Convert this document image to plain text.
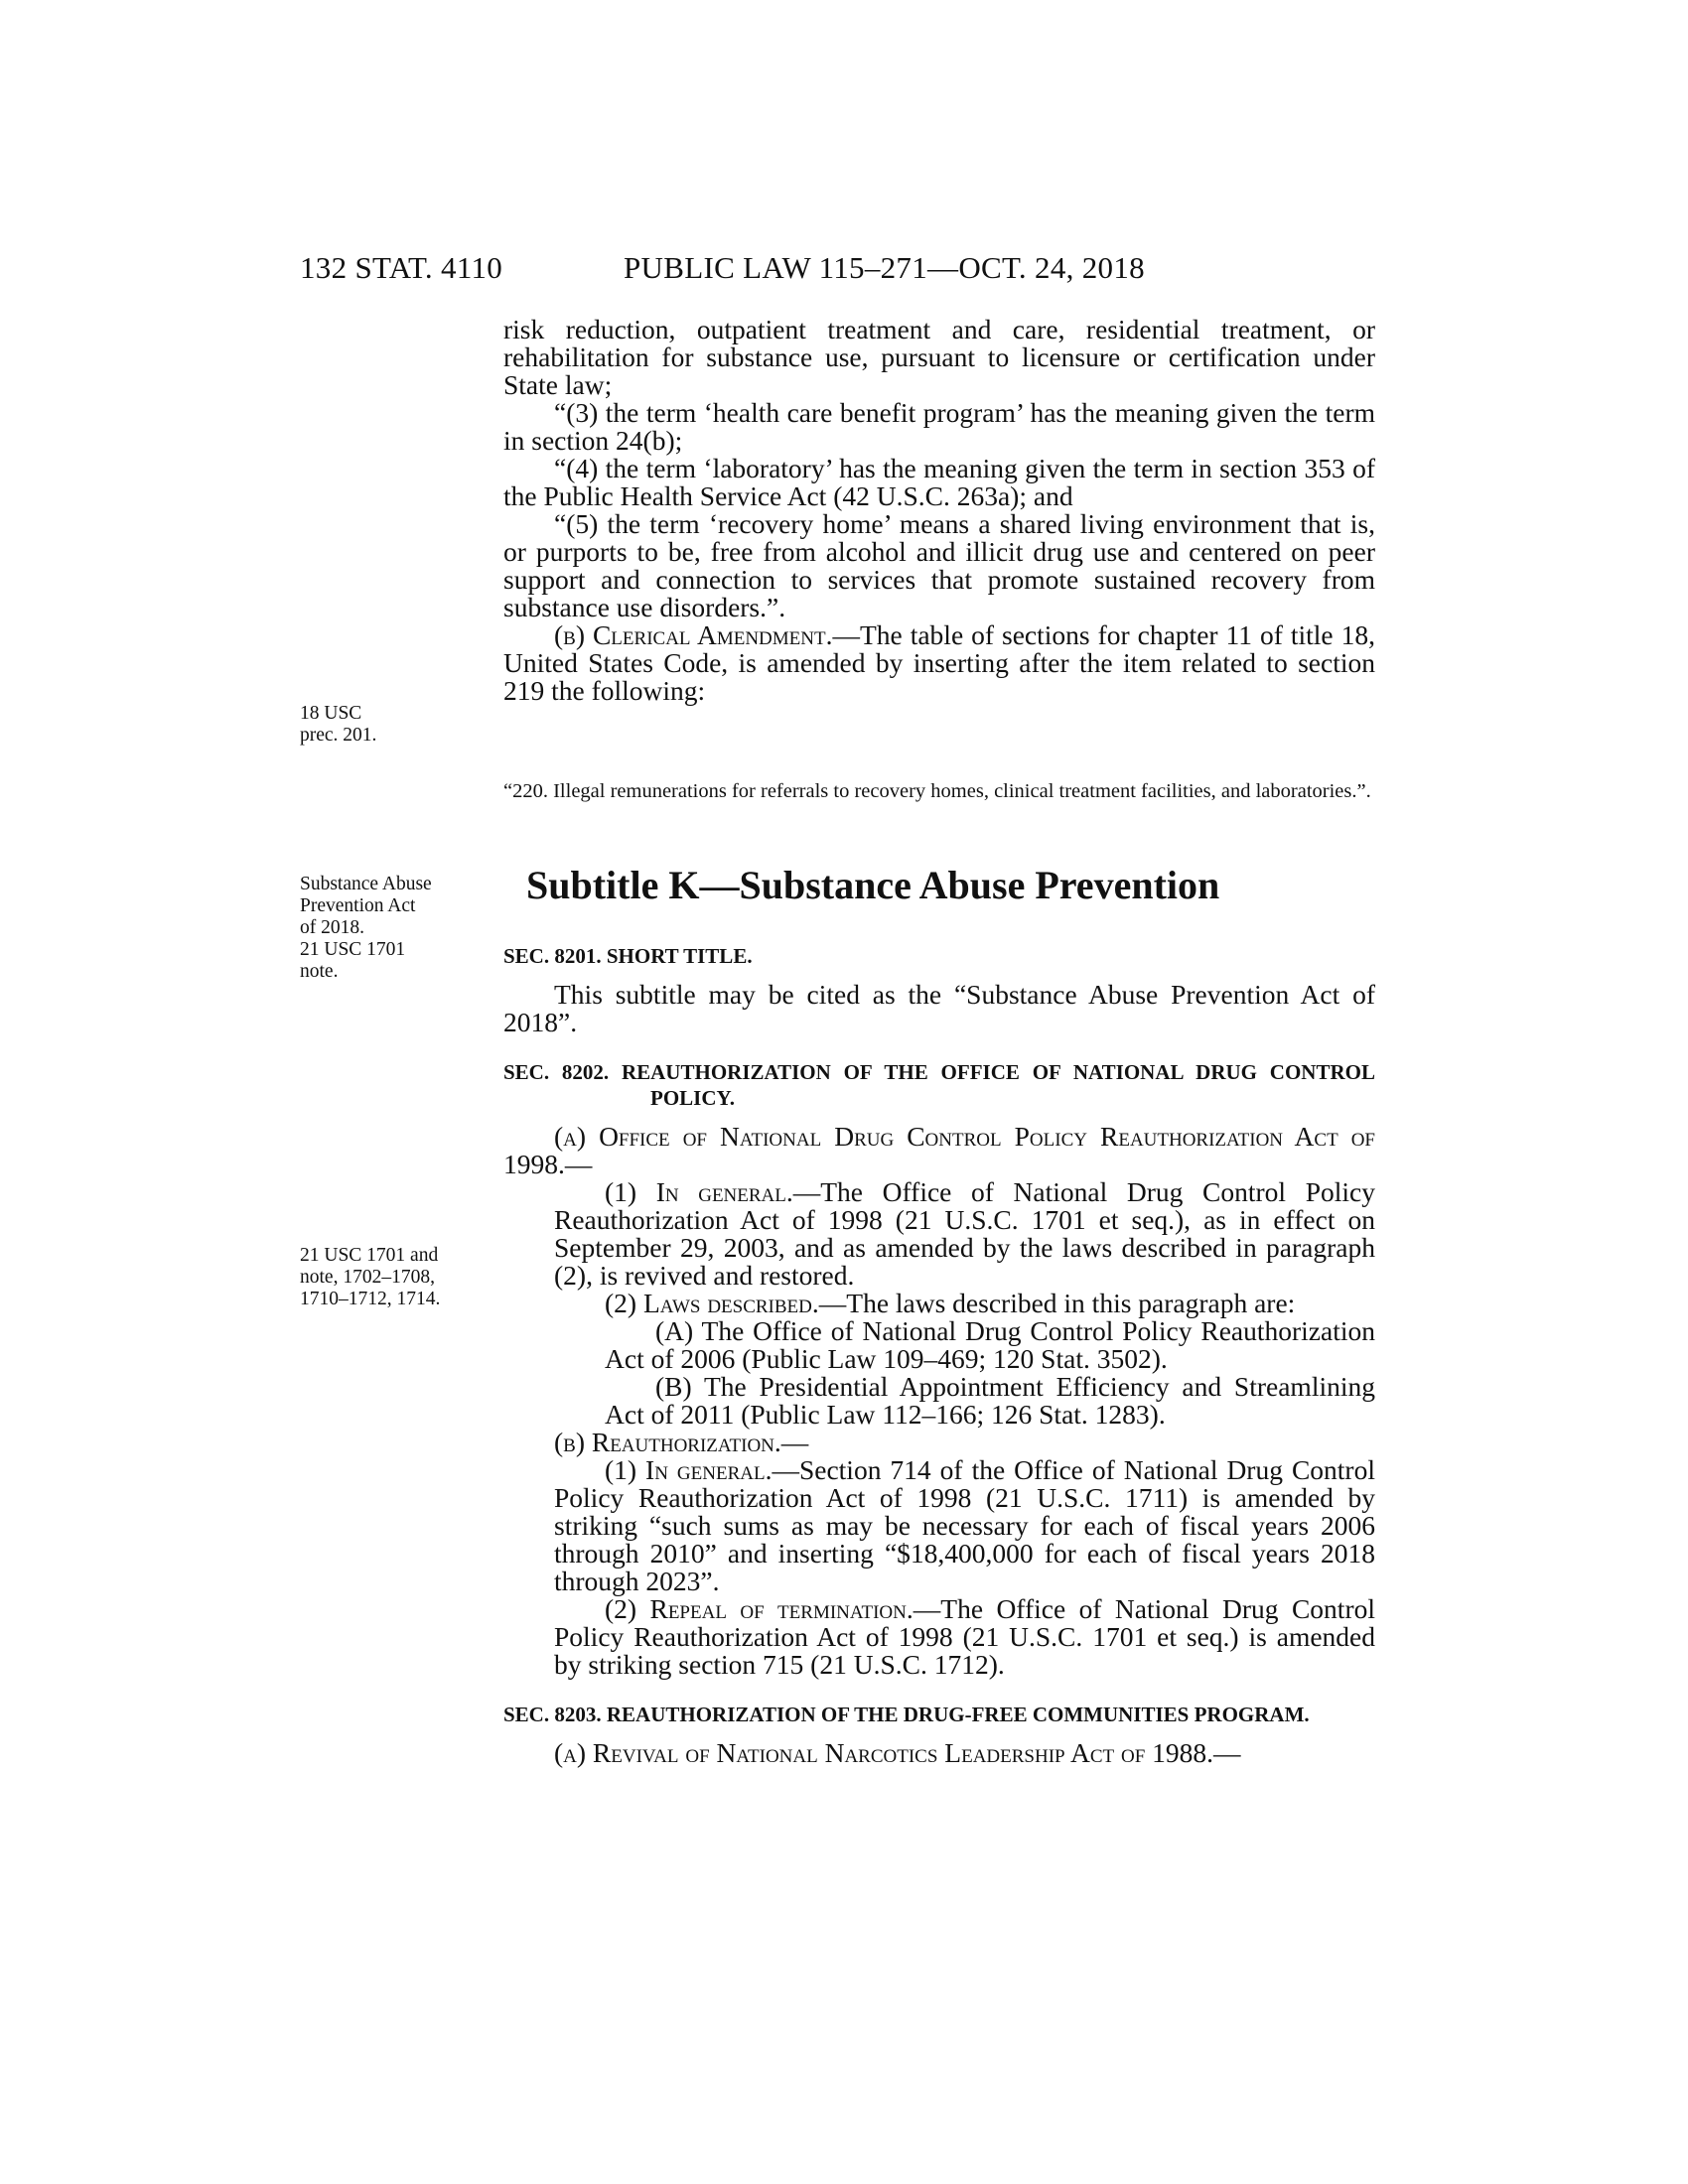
132 STAT. 4110	PUBLIC LAW 115–271—OCT. 24, 2018

risk reduction, outpatient treatment and care, residential treatment, or rehabilitation for substance use, pursuant to licensure or certification under State law;

“(3) the term ‘health care benefit program’ has the meaning given the term in section 24(b);

“(4) the term ‘laboratory’ has the meaning given the term in section 353 of the Public Health Service Act (42 U.S.C. 263a); and

“(5) the term ‘recovery home’ means a shared living environment that is, or purports to be, free from alcohol and illicit drug use and centered on peer support and connection to services that promote sustained recovery from substance use disorders.”.

(b) Clerical Amendment.—The table of sections for chapter 11 of title 18, United States Code, is amended by inserting after the item related to section 219 the following:

“220. Illegal remunerations for referrals to recovery homes, clinical treatment facilities, and laboratories.”.

Subtitle K—Substance Abuse Prevention

SEC. 8201. SHORT TITLE.

This subtitle may be cited as the “Substance Abuse Prevention Act of 2018”.

SEC. 8202. REAUTHORIZATION OF THE OFFICE OF NATIONAL DRUG CONTROL POLICY.

(a) Office of National Drug Control Policy Reauthorization Act of 1998.—

(1) In general.—The Office of National Drug Control Policy Reauthorization Act of 1998 (21 U.S.C. 1701 et seq.), as in effect on September 29, 2003, and as amended by the laws described in paragraph (2), is revived and restored.

(2) Laws described.—The laws described in this paragraph are:

(A) The Office of National Drug Control Policy Reauthorization Act of 2006 (Public Law 109–469; 120 Stat. 3502).

(B) The Presidential Appointment Efficiency and Streamlining Act of 2011 (Public Law 112–166; 126 Stat. 1283).

(b) Reauthorization.—

(1) In general.—Section 714 of the Office of National Drug Control Policy Reauthorization Act of 1998 (21 U.S.C. 1711) is amended by striking “such sums as may be necessary for each of fiscal years 2006 through 2010” and inserting “$18,400,000 for each of fiscal years 2018 through 2023”.

(2) Repeal of termination.—The Office of National Drug Control Policy Reauthorization Act of 1998 (21 U.S.C. 1701 et seq.) is amended by striking section 715 (21 U.S.C. 1712).

SEC. 8203. REAUTHORIZATION OF THE DRUG-FREE COMMUNITIES PROGRAM.

(a) Revival of National Narcotics Leadership Act of 1988.—

18 USC
prec. 201.
Substance Abuse
Prevention Act
of 2018.
21 USC 1701
note.
21 USC 1701 and
note, 1702–1708,
1710–1712, 1714.
